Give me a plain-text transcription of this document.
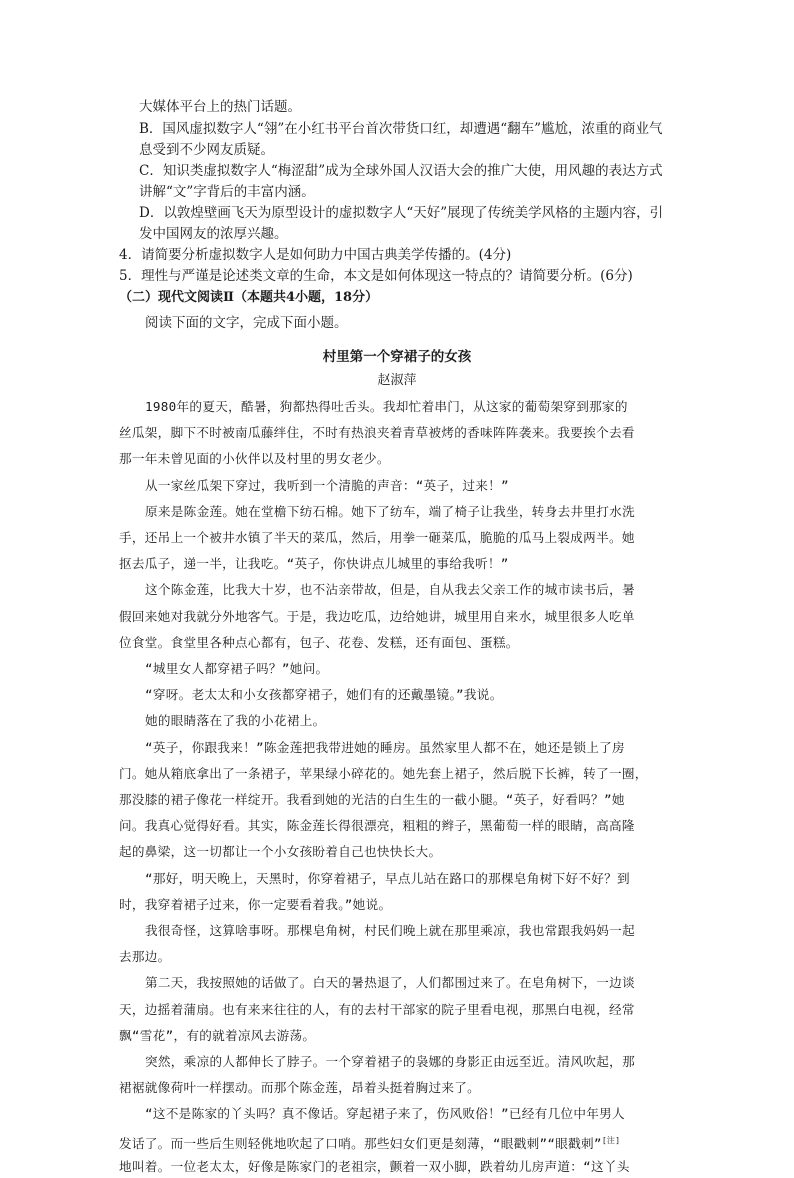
大媒体平台上的热门话题。
B．国风虚拟数字人“翎”在小红书平台首次带货口红，却遭遇“翻车”尴尬，浓重的商业气
息受到不少网友质疑。
C．知识类虚拟数字人“梅涩甜”成为全球外国人汉语大会的推广大使，用风趣的表达方式
讲解“文”字背后的丰富内涵。
D．以敦煌壁画飞天为原型设计的虚拟数字人“天好”展现了传统美学风格的主题内容，引
发中国网友的浓厚兴趣。
4．请简要分析虚拟数字人是如何助力中国古典美学传播的。(4分)
5．理性与严谨是论述类文章的生命，本文是如何体现这一特点的？请简要分析。(6分)
（二）现代文阅读Ⅱ（本题共4小题，18分）
阅读下面的文字，完成下面小题。
村里第一个穿裙子的女孩
赵淑萍
1980年的夏天，酷暑，狗都热得吐舌头。我却忙着串门，从这家的葡萄架穿到那家的
丝瓜架，脚下不时被南瓜藤绊住，不时有热浪夹着青草被烤的香味阵阵袭来。我要挨个去看
那一年未曾见面的小伙伴以及村里的男女老少。
从一家丝瓜架下穿过，我听到一个清脆的声音：“英子，过来！”
原来是陈金莲。她在堂檐下纺石棉。她下了纺车，端了椅子让我坐，转身去井里打水洗
手，还吊上一个被井水镇了半天的菜瓜，然后，用拳一砸菜瓜，脆脆的瓜马上裂成两半。她
抠去瓜子，递一半，让我吃。“英子，你快讲点儿城里的事给我听！”
这个陈金莲，比我大十岁，也不沾亲带故，但是，自从我去父亲工作的城市读书后，暑
假回来她对我就分外地客气。于是，我边吃瓜，边给她讲，城里用自来水，城里很多人吃单
位食堂。食堂里各种点心都有，包子、花卷、发糕，还有面包、蛋糕。
“城里女人都穿裙子吗？”她问。
“穿呀。老太太和小女孩都穿裙子，她们有的还戴墨镜。”我说。
她的眼睛落在了我的小花裙上。
“英子，你跟我来！”陈金莲把我带进她的睡房。虽然家里人都不在，她还是锁上了房
门。她从箱底拿出了一条裙子，苹果绿小碎花的。她先套上裙子，然后脱下长裤，转了一圈，
那没膝的裙子像花一样绽开。我看到她的光洁的白生生的一截小腿。“英子，好看吗？”她
问。我真心觉得好看。其实，陈金莲长得很漂亮，粗粗的辫子，黑葡萄一样的眼睛，高高隆
起的鼻梁，这一切都让一个小女孩盼着自己也快快长大。
“那好，明天晚上，天黑时，你穿着裙子，早点儿站在路口的那棵皂角树下好不好？到
时，我穿着裙子过来，你一定要看着我。”她说。
我很奇怪，这算啥事呀。那棵皂角树，村民们晚上就在那里乘凉，我也常跟我妈妈一起
去那边。
第二天，我按照她的话做了。白天的暑热退了，人们都围过来了。在皂角树下，一边谈
天，边摇着蒲扇。也有来来往往的人，有的去村干部家的院子里看电视，那黑白电视，经常
飘“雪花”，有的就着凉风去游荡。
突然，乘凉的人都伸长了脖子。一个穿着裙子的袅娜的身影正由远至近。清风吹起，那
裙裾就像荷叶一样摆动。而那个陈金莲，昂着头挺着胸过来了。
“这不是陈家的丫头吗？真不像话。穿起裙子来了，伤风败俗！”已经有几位中年男人
发话了。而一些后生则轻佻地吹起了口哨。那些妇女们更是刻薄，“眼戳刺”“眼戳刺”[注]
地叫着。一位老太太，好像是陈家门的老祖宗，颤着一双小脚，跌着幼儿房声道：“这丫头
